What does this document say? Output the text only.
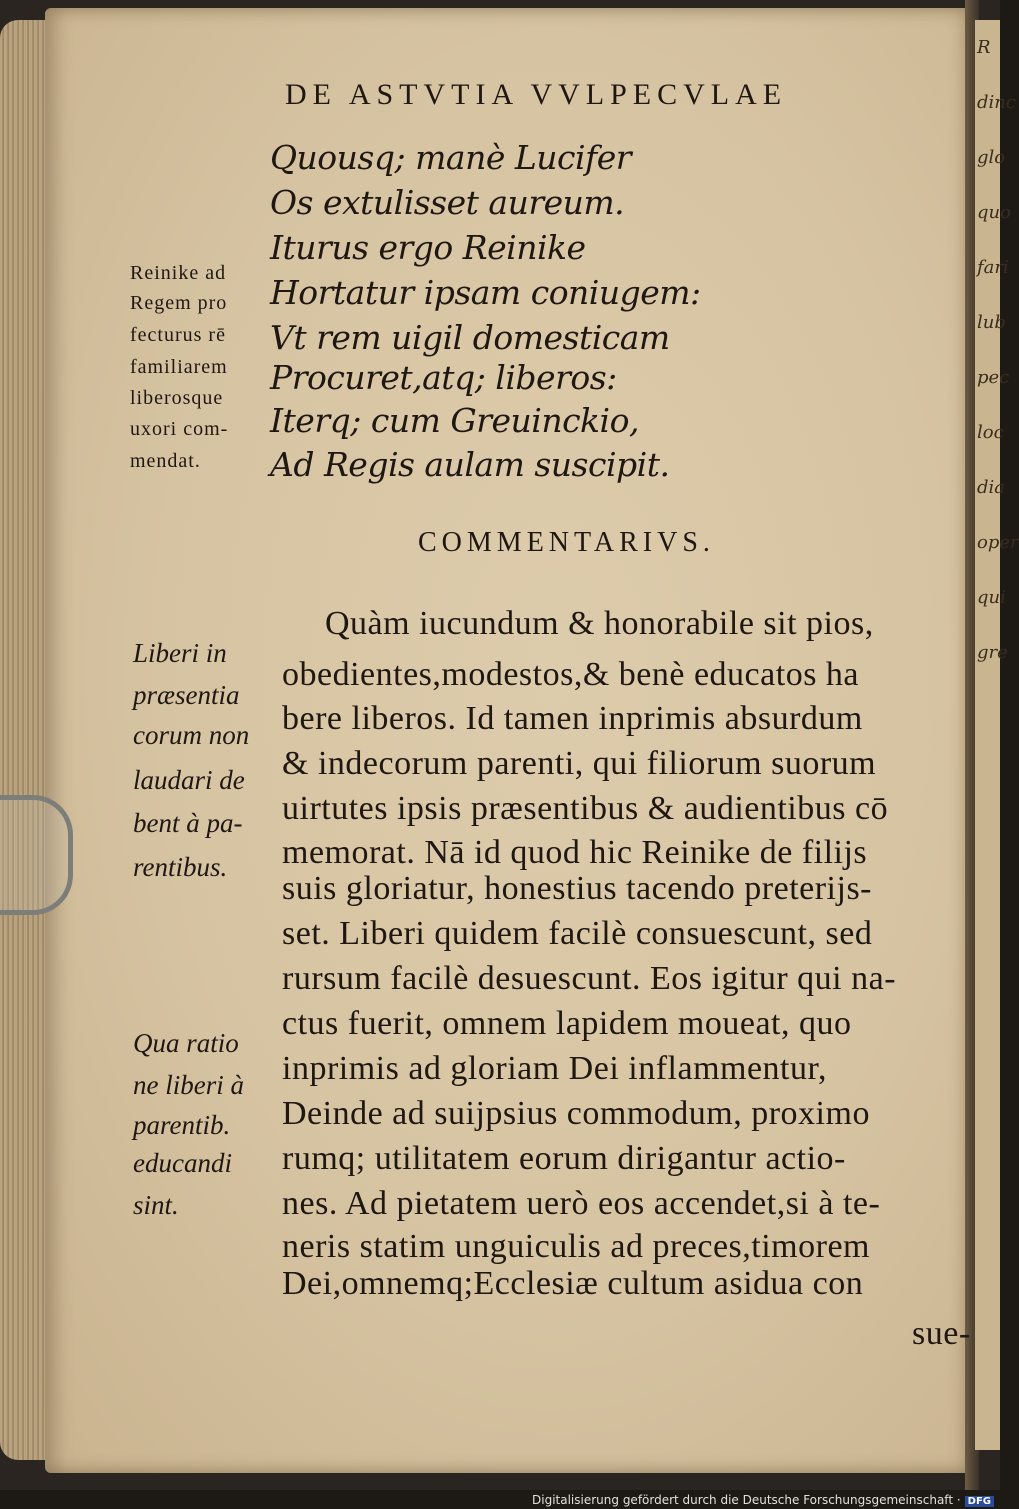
R
dinc
glo
quo
fari
lub
pec
loc
dia
oper
qui
gre
DE ASTVTIA VVLPECVLAE
Quousq; manè Lucifer
Os extulisset aureum.
Iturus ergo Reinike
Hortatur ipsam coniugem:
Vt rem uigil domesticam
Procuret,atq; liberos:
Iterq; cum Greuinckio,
Ad Regis aulam suscipit.
Reinike ad
Regem pro
fecturus rē
familiarem
liberosque
uxori com-
mendat.
COMMENTARIVS.
Quàm iucundum & honorabile sit pios,
obedientes,modestos,& benè educatos ha
bere liberos. Id tamen inprimis absurdum
& indecorum parenti, qui filiorum suorum
uirtutes ipsis præsentibus & audientibus cō
memorat. Nā id quod hic Reinike de filijs
suis gloriatur, honestius tacendo preterijs-
set. Liberi quidem facilè consuescunt, sed
rursum facilè desuescunt. Eos igitur qui na-
ctus fuerit, omnem lapidem moueat, quo
inprimis ad gloriam Dei inflammentur,
Deinde ad suijpsius commodum, proximo
rumq; utilitatem eorum dirigantur actio-
nes. Ad pietatem uerò eos accendet,si à te-
neris statim unguiculis ad preces,timorem
Dei,omnemq;Ecclesiæ cultum asidua con
sue-
Liberi in
præsentia
corum non
laudari de
bent à pa-
rentibus.
Qua ratio
ne liberi à
parentib.
educandi
sint.
Digitalisierung gefördert durch die Deutsche Forschungsgemeinschaft · DFG
